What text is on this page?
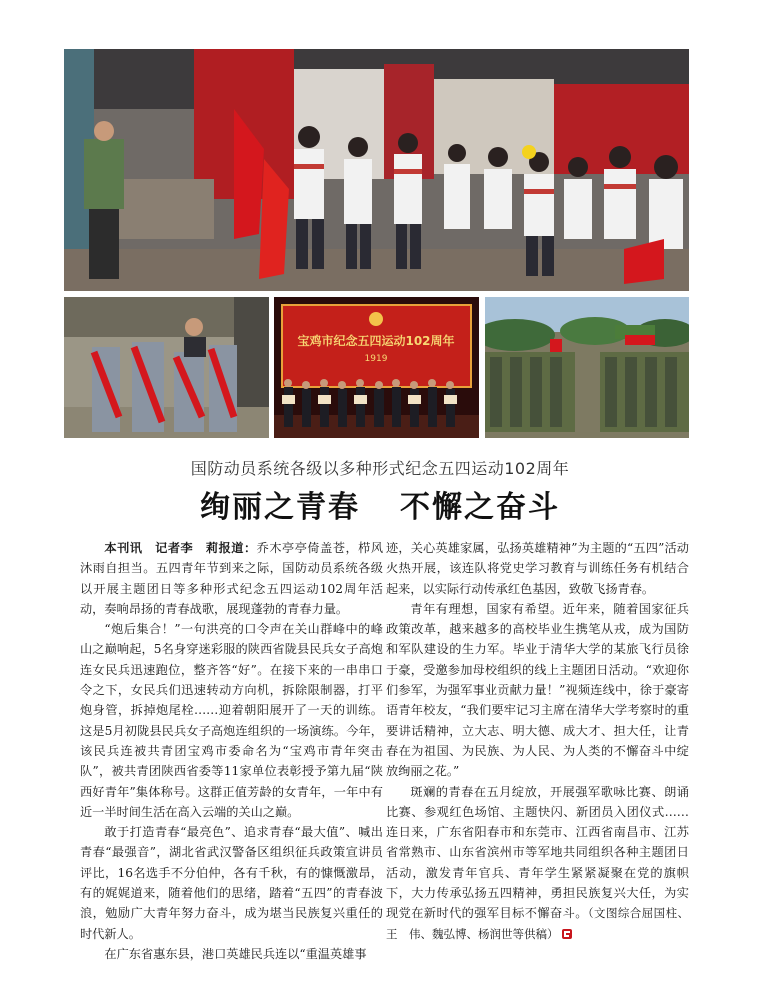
宝鸡市纪念五四运动102周年
1919
国防动员系统各级以多种形式纪念五四运动102周年
绚丽之青春 不懈之奋斗

本刊讯　记者李　莉报道：乔木亭亭倚盖苍，栉风沐雨自担当。五四青年节到来之际，国防动员系统各级以开展主题团日等多种形式纪念五四运动102周年活动，奏响昂扬的青春战歌，展现蓬勃的青春力量。

“炮后集合！”一句洪亮的口令声在关山群峰中的峰山之巅响起，5名身穿迷彩服的陕西省陇县民兵女子高炮连女民兵迅速跑位，整齐答“好”。在接下来的一串串口令之下，女民兵们迅速转动方向机，拆除限制器，打平炮身管，拆掉炮尾栓……迎着朝阳展开了一天的训练。这是5月初陇县民兵女子高炮连组织的一场演练。今年，该民兵连被共青团宝鸡市委命名为“宝鸡市青年突击队”，被共青团陕西省委等11家单位表彰授予第九届“陕西好青年”集体称号。这群正值芳龄的女青年，一年中有近一半时间生活在高入云端的关山之巅。

敢于打造青春“最亮色”、追求青春“最大值”、喊出青春“最强音”，湖北省武汉警备区组织征兵政策宣讲员评比，16名选手不分伯仲，各有千秋，有的慷慨激昂，有的娓娓道来，随着他们的思绪，踏着“五四”的青春波浪，勉励广大青年努力奋斗，成为堪当民族复兴重任的时代新人。

在广东省惠东县，港口英雄民兵连以“重温英雄事

迹，关心英雄家属，弘扬英雄精神”为主题的“五四”活动火热开展，该连队将党史学习教育与训练任务有机结合起来，以实际行动传承红色基因，致敬飞扬青春。

青年有理想，国家有希望。近年来，随着国家征兵政策改革，越来越多的高校毕业生携笔从戎，成为国防和军队建设的生力军。毕业于清华大学的某旅飞行员徐于豪，受邀参加母校组织的线上主题团日活动。“欢迎你们参军，为强军事业贡献力量！”视频连线中，徐于豪寄语青年校友，“我们要牢记习主席在清华大学考察时的重要讲话精神，立大志、明大德、成大才、担大任，让青春在为祖国、为民族、为人民、为人类的不懈奋斗中绽放绚丽之花。”

斑斓的青春在五月绽放，开展强军歌咏比赛、朗诵比赛、参观红色场馆、主题快闪、新团员入团仪式……连日来，广东省阳春市和东莞市、江西省南昌市、江苏省常熟市、山东省滨州市等军地共同组织各种主题团日活动，激发青年官兵、青年学生紧紧凝聚在党的旗帜下，大力传承弘扬五四精神，勇担民族复兴大任，为实现党在新时代的强军目标不懈奋斗。（文图综合屈国柱、王　伟、魏弘博、杨润世等供稿）
